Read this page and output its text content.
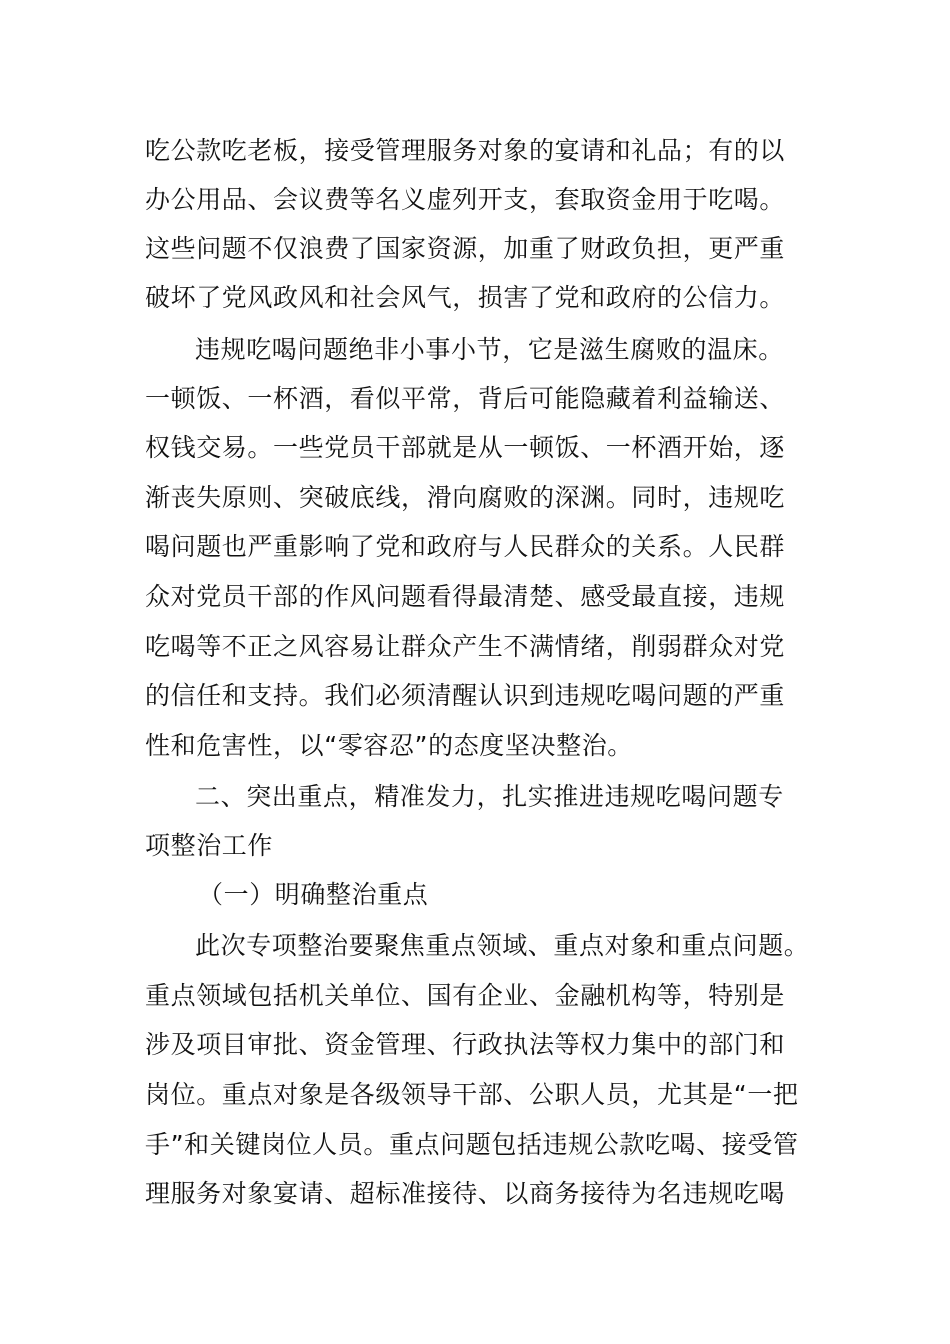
吃公款吃老板，接受管理服务对象的宴请和礼品；有的以
办公用品、会议费等名义虚列开支，套取资金用于吃喝。
这些问题不仅浪费了国家资源，加重了财政负担，更严重
破坏了党风政风和社会风气，损害了党和政府的公信力。
违规吃喝问题绝非小事小节，它是滋生腐败的温床。
一顿饭、一杯酒，看似平常，背后可能隐藏着利益输送、
权钱交易。一些党员干部就是从一顿饭、一杯酒开始，逐
渐丧失原则、突破底线，滑向腐败的深渊。同时，违规吃
喝问题也严重影响了党和政府与人民群众的关系。人民群
众对党员干部的作风问题看得最清楚、感受最直接，违规
吃喝等不正之风容易让群众产生不满情绪，削弱群众对党
的信任和支持。我们必须清醒认识到违规吃喝问题的严重
性和危害性，以“零容忍”的态度坚决整治。
二、突出重点，精准发力，扎实推进违规吃喝问题专
项整治工作
（一）明确整治重点
此次专项整治要聚焦重点领域、重点对象和重点问题。
重点领域包括机关单位、国有企业、金融机构等，特别是
涉及项目审批、资金管理、行政执法等权力集中的部门和
岗位。重点对象是各级领导干部、公职人员，尤其是“一把
手”和关键岗位人员。重点问题包括违规公款吃喝、接受管
理服务对象宴请、超标准接待、以商务接待为名违规吃喝
